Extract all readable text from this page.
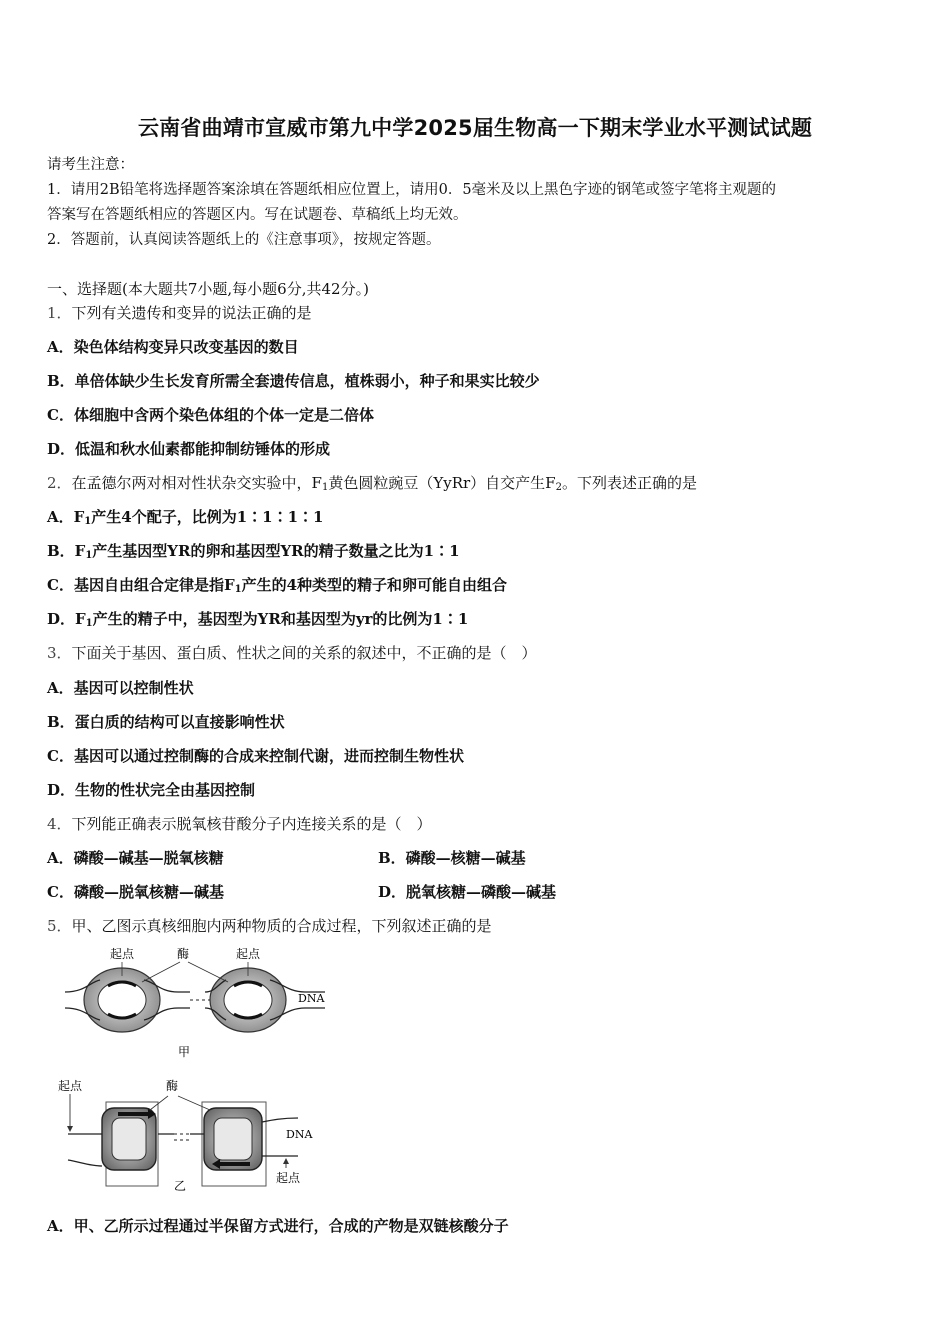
云南省曲靖市宣威市第九中学2025届生物高一下期末学业水平测试试题
请考生注意：
1．请用2B铅笔将选择题答案涂填在答题纸相应位置上，请用0．5毫米及以上黑色字迹的钢笔或签字笔将主观题的
答案写在答题纸相应的答题区内。写在试题卷、草稿纸上均无效。
2．答题前，认真阅读答题纸上的《注意事项》，按规定答题。
一、选择题(本大题共7小题,每小题6分,共42分。)
1．下列有关遗传和变异的说法正确的是
A．染色体结构变异只改变基因的数目
B．单倍体缺少生长发育所需全套遗传信息，植株弱小，种子和果实比较少
C．体细胞中含两个染色体组的个体一定是二倍体
D．低温和秋水仙素都能抑制纺锤体的形成
2．在孟德尔两对相对性状杂交实验中，$F_1$黄色圆粒豌豆（YyRr）自交产生$F_2$。下列表述正确的是
A．$F_1$产生4个配子，比例为1∶1∶1∶1
B．$F_1$产生基因型YR的卵和基因型YR的精子数量之比为1∶1
C．基因自由组合定律是指$F_1$产生的4种类型的精子和卵可能自由组合
D．$F_1$产生的精子中，基因型为YR和基因型为yr的比例为1∶1
3．下面关于基因、蛋白质、性状之间的关系的叙述中，不正确的是（　）
A．基因可以控制性状
B．蛋白质的结构可以直接影响性状
C．基因可以通过控制酶的合成来控制代谢，进而控制生物性状
D．生物的性状完全由基因控制
4．下列能正确表示脱氧核苷酸分子内连接关系的是（　）
A．磷酸—碱基—脱氧核糖	B．磷酸—核糖—碱基
C．磷酸—脱氧核糖—碱基	D．脱氧核糖—磷酸—碱基
5．甲、乙图示真核细胞内两种物质的合成过程，下列叙述正确的是
起点	酶	起点
DNA
甲
起点	酶
DNA
起点
乙
A．甲、乙所示过程通过半保留方式进行，合成的产物是双链核酸分子
